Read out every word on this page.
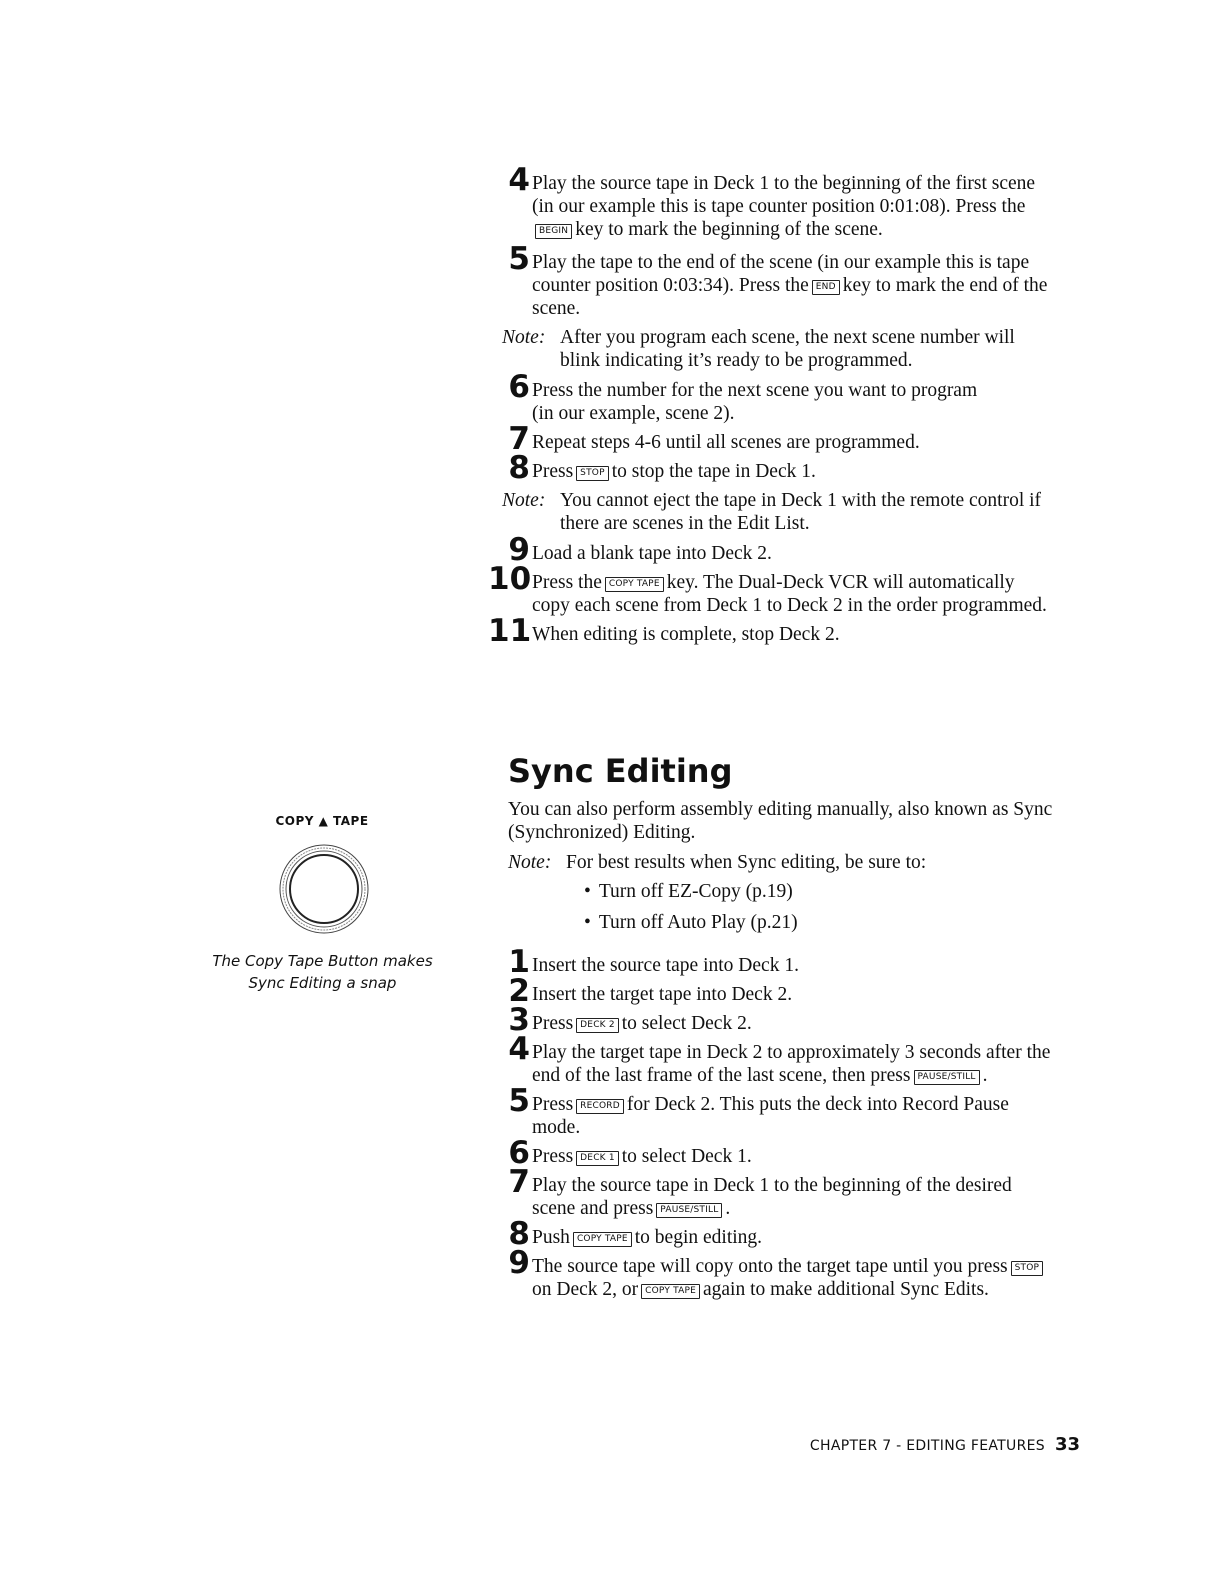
4 Play the source tape in Deck 1 to the beginning of the first scene (in our example this is tape counter position 0:01:08). Press theBEGIN key to mark the beginning of the scene.
5 Play the tape to the end of the scene (in our example this is tape counter position 0:03:34). Press the END key to mark the end of the scene.
Note: After you program each scene, the next scene number will blink indicating it’s ready to be programmed.
6 Press the number for the next scene you want to program (in our example, scene 2).
7 Repeat steps 4-6 until all scenes are programmed.
8 Press STOP to stop the tape in Deck 1.
Note: You cannot eject the tape in Deck 1 with the remote control if there are scenes in the Edit List.
9 Load a blank tape into Deck 2.
10 Press the COPY TAPE key. The Dual-Deck VCR will automatically copy each scene from Deck 1 to Deck 2 in the order programmed.
11 When editing is complete, stop Deck 2.
Sync Editing
You can also perform assembly editing manually, also known as Sync (Synchronized) Editing.
Note: For best results when Sync editing, be sure to:
• Turn off EZ-Copy (p.19)
• Turn off Auto Play (p.21)
1 Insert the source tape into Deck 1.
2 Insert the target tape into Deck 2.
3 Press DECK 2 to select Deck 2.
4 Play the target tape in Deck 2 to approximately 3 seconds after the end of the last frame of the last scene, then press PAUSE/STILL .
5 Press RECORD for Deck 2. This puts the deck into Record Pause mode.
6 Press DECK 1 to select Deck 1.
7 Play the source tape in Deck 1 to the beginning of the desired scene and press PAUSE/STILL .
8 Push COPY TAPE to begin editing.
9 The source tape will copy onto the target tape until you press STOPon Deck 2, or COPY TAPE again to make additional Sync Edits.
COPY ▲ TAPE
The Copy Tape Button makes
Sync Editing a snap
CHAPTER 7 - EDITING FEATURES 33
